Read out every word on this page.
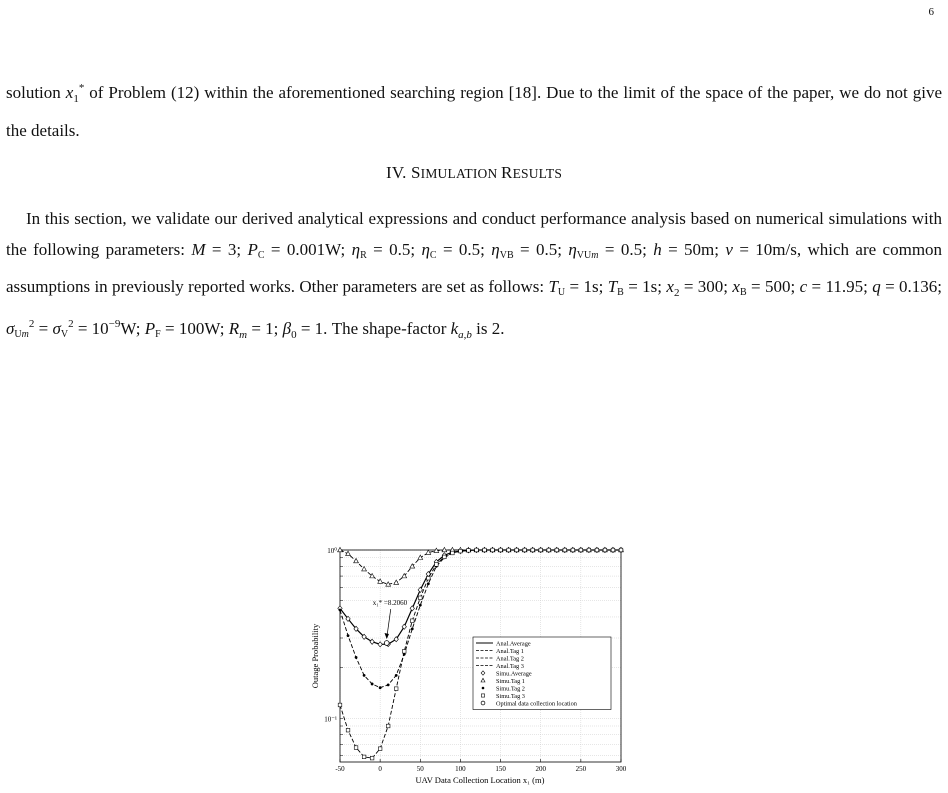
6

solution $x_1^*$ of Problem (12) within the aforementioned searching region [18]. Due to the limit of the space of the paper, we do not give the details.

IV. SIMULATION RESULTS

In this section, we validate our derived analytical expressions and conduct performance analysis based on numerical simulations with the following parameters: M = 3; PC = 0.001W; ηR = 0.5; ηC = 0.5; ηVB = 0.5; ηVUm = 0.5; h = 50m; v = 10m/s, which are common assumptions in previously reported works. Other parameters are set as follows: TU = 1s; TB = 1s; $x_2 = 300$; xB = 500; c = 11.95; q = 0.136; $\sigma Um^2 = \sigma V^2 = 10^{-9}W$; PF = 100W; $R_m = 1$; $\beta_0 = 1$. The shape-factor $k_{a,b}$ is 2.

-50	0	50	100	150	200	250	300
10⁻¹
10⁰
Anal.Average
Anal.Tag 1
Anal.Tag 2
Anal.Tag 3
Simu.Average
Simu.Tag 1
Simu.Tag 2
Simu.Tag 3
Optimal data collection location
x₁* =8.2060
UAV Data Collection Location x₁ (m)
Outage Probability
